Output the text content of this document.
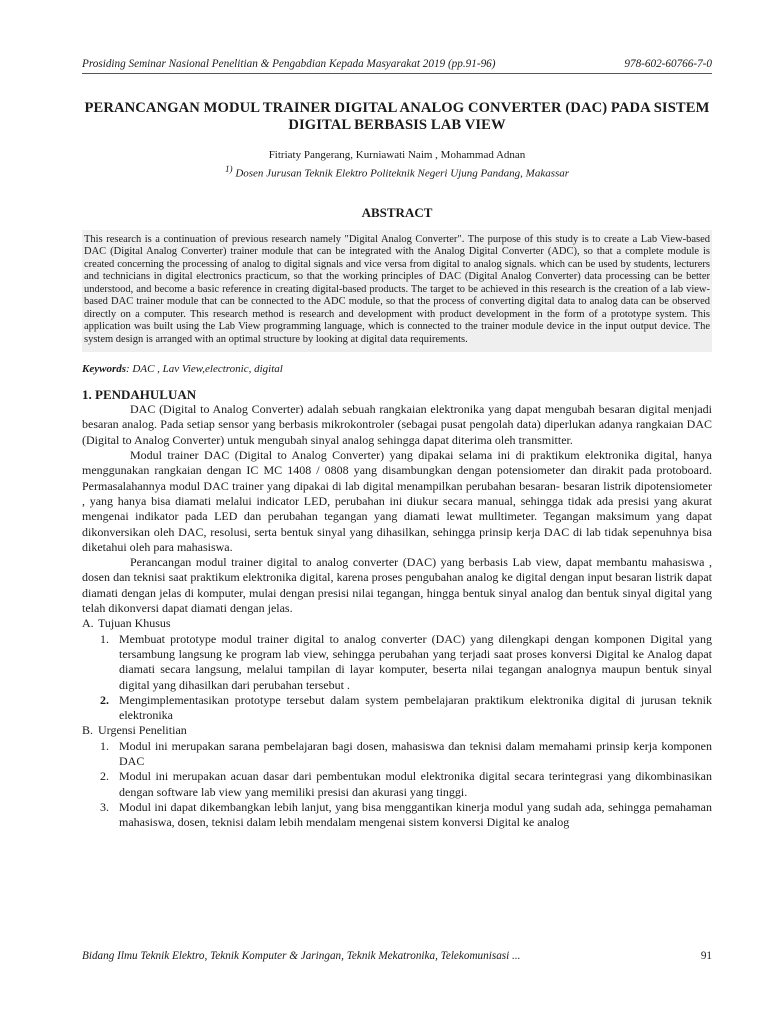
Prosiding Seminar Nasional Penelitian & Pengabdian Kepada Masyarakat 2019 (pp.91-96)	978-602-60766-7-0
PERANCANGAN MODUL TRAINER DIGITAL ANALOG CONVERTER (DAC) PADA SISTEM DIGITAL BERBASIS LAB VIEW
Fitriaty Pangerang, Kurniawati Naim , Mohammad Adnan
$^{1)}$ Dosen Jurusan Teknik Elektro Politeknik Negeri Ujung Pandang, Makassar
ABSTRACT
This research is a continuation of previous research namely "Digital Analog Converter". The purpose of this study is to create a Lab View-based DAC (Digital Analog Converter) trainer module that can be integrated with the Analog Digital Converter (ADC), so that a complete module is created concerning the processing of analog to digital signals and vice versa from digital to analog signals. which can be used by students, lecturers and technicians in digital electronics practicum, so that the working principles of DAC (Digital Analog Converter) data processing can be better understood, and become a basic reference in creating digital-based products. The target to be achieved in this research is the creation of a lab view-based DAC trainer module that can be connected to the ADC module, so that the process of converting digital data to analog data can be observed directly on a computer. This research method is research and development with product development in the form of a prototype system. This application was built using the Lab View programming language, which is connected to the trainer module device in the input output device. The system design is arranged with an optimal structure by looking at digital data requirements.
Keywords: DAC , Lav View,electronic, digital
1. PENDAHULUAN

DAC (Digital to Analog Converter) adalah sebuah rangkaian elektronika yang dapat mengubah besaran digital menjadi besaran analog. Pada setiap sensor yang berbasis mikrokontroler (sebagai pusat pengolah data) diperlukan adanya rangkaian DAC (Digital to Analog Converter) untuk mengubah sinyal analog sehingga dapat diterima oleh transmitter.

Modul trainer DAC (Digital to Analog Converter) yang dipakai selama ini di praktikum elektronika digital, hanya menggunakan rangkaian dengan IC MC 1408 / 0808 yang disambungkan dengan potensiometer dan dirakit pada protoboard. Permasalahannya modul DAC trainer yang dipakai di lab digital menampilkan perubahan besaran- besaran listrik dipotensiometer , yang hanya bisa diamati melalui indicator LED, perubahan ini diukur secara manual, sehingga tidak ada presisi yang akurat mengenai indikator pada LED dan perubahan tegangan yang diamati lewat mulltimeter. Tegangan maksimum yang dapat dikonversikan oleh DAC, resolusi, serta bentuk sinyal yang dihasilkan, sehingga prinsip kerja DAC di lab tidak sepenuhnya bisa diketahui oleh para mahasiswa.

Perancangan modul trainer digital to analog converter (DAC) yang berbasis Lab view, dapat membantu mahasiswa , dosen dan teknisi saat praktikum elektronika digital, karena proses pengubahan analog ke digital dengan input besaran listrik dapat diamati dengan jelas di komputer, mulai dengan presisi nilai tegangan, hingga bentuk sinyal analog dan bentuk sinyal digital yang telah dikonversi dapat diamati dengan jelas.

A. Tujuan Khusus
1. Membuat prototype modul trainer digital to analog converter (DAC) yang dilengkapi dengan komponen Digital yang tersambung langsung ke program lab view, sehingga perubahan yang terjadi saat proses konversi Digital ke Analog dapat diamati secara langsung, melalui tampilan di layar komputer, beserta nilai tegangan analognya maupun bentuk sinyal digital yang dihasilkan dari perubahan tersebut .
2. Mengimplementasikan prototype tersebut dalam system pembelajaran praktikum elektronika digital di jurusan teknik elektronika
B. Urgensi Penelitian
1. Modul ini merupakan sarana pembelajaran bagi dosen, mahasiswa dan teknisi dalam memahami prinsip kerja komponen DAC
2. Modul ini merupakan acuan dasar dari pembentukan modul elektronika digital secara terintegrasi yang dikombinasikan dengan software lab view yang memiliki presisi dan akurasi yang tinggi.
3. Modul ini dapat dikembangkan lebih lanjut, yang bisa menggantikan kinerja modul yang sudah ada, sehingga pemahaman mahasiswa, dosen, teknisi dalam lebih mendalam mengenai sistem konversi Digital ke analog
Bidang Ilmu Teknik Elektro, Teknik Komputer & Jaringan, Teknik Mekatronika, Telekomunisasi ...	91
